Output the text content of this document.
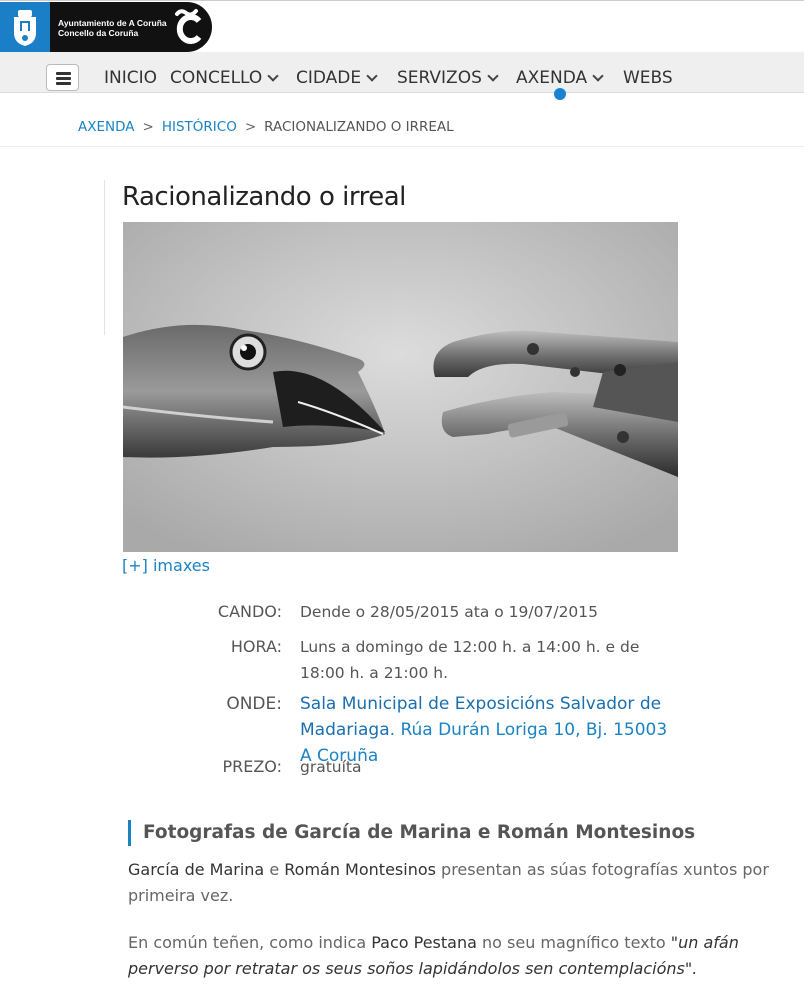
Ayuntamiento de A Coruña
Concello da Coruña
INICIO CONCELLO CIDADE SERVIZOS AXENDA WEBS
AXENDA > HISTÓRICO > RACIONALIZANDO O IRREAL
Racionalizando o irreal
[+] imaxes
CANDO: Dende o 28/05/2015 ata o 19/07/2015
HORA: Luns a domingo de 12:00 h. a 14:00 h. e de 18:00 h. a 21:00 h.
ONDE: Sala Municipal de Exposicións Salvador de Madariaga. Rúa Durán Loriga 10, Bj. 15003 A Coruña
PREZO: gratuíta
Fotografas de García de Marina e Román Montesinos

García de Marina e Román Montesinos presentan as súas fotografías xuntos por primeira vez.

En común teñen, como indica Paco Pestana no seu magnífico texto "un afán perverso por retratar os seus soños lapidándolos sen contemplacións".
